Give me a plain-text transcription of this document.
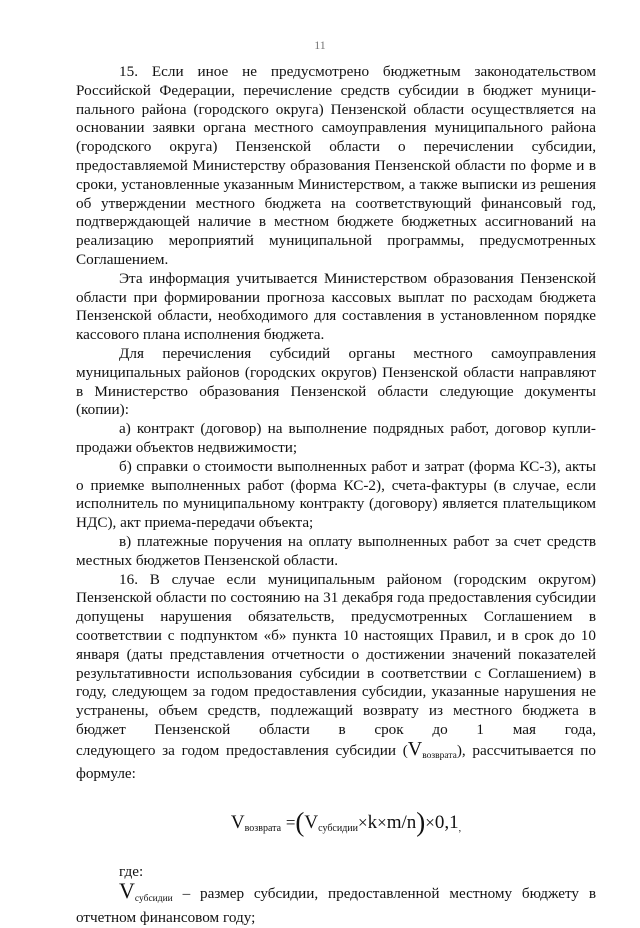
11

15. Если иное не предусмотрено бюджетным законодательством Российской Федерации, перечисление средств субсидии в бюджет муници-пального района (городского округа) Пензенской области осуществляется на основании заявки органа местного самоуправления муниципального района (городского округа) Пензенской области о перечислении субсидии, предоставляемой Министерству образования Пензенской области по форме и в сроки, установленные указанным Министерством, а также выписки из решения об утверждении местного бюджета на соответствующий финансовый год, подтверждающей наличие в местном бюджете бюджетных ассигнований на реализацию мероприятий муниципальной программы, предусмотренных Соглашением.

Эта информация учитывается Министерством образования Пензенской области при формировании прогноза кассовых выплат по расходам бюджета Пензенской области, необходимого для составления в установленном порядке кассового плана исполнения бюджета.

Для перечисления субсидий органы местного самоуправления муниципальных районов (городских округов) Пензенской области направляют в Министерство образования Пензенской области следующие документы (копии):

а) контракт (договор) на выполнение подрядных работ, договор купли-продажи объектов недвижимости;

б) справки о стоимости выполненных работ и затрат (форма КС-3), акты о приемке выполненных работ (форма КС-2), счета-фактуры (в случае, если исполнитель по муниципальному контракту (договору) является плательщиком НДС), акт приема-передачи объекта;

в) платежные поручения на оплату выполненных работ за счет средств местных бюджетов Пензенской области.

16. В случае если муниципальным районом (городским округом) Пензенской области по состоянию на 31 декабря года предоставления субсидии допущены нарушения обязательств, предусмотренных Соглашением в соответствии с подпунктом «б» пункта 10 настоящих Правил, и в срок до 10 января (даты представления отчетности о достижении значений показателей результативности использования субсидии в соответствии с Соглашением) в году, следующем за годом предоставления субсидии, указанные нарушения не устранены, объем средств, подлежащий возврату из местного бюджета в бюджет Пензенской области в срок до 1 мая года, следующего за годом предоставления субсидии $(V_{возврата})$, рассчитывается по формуле:

$V_{возврата} =(V_{субсидии}\times k\times m/n)\times 0,1_,$

где:

$V_{субсидии}$ – размер субсидии, предоставленной местному бюджету в отчетном финансовом году;
